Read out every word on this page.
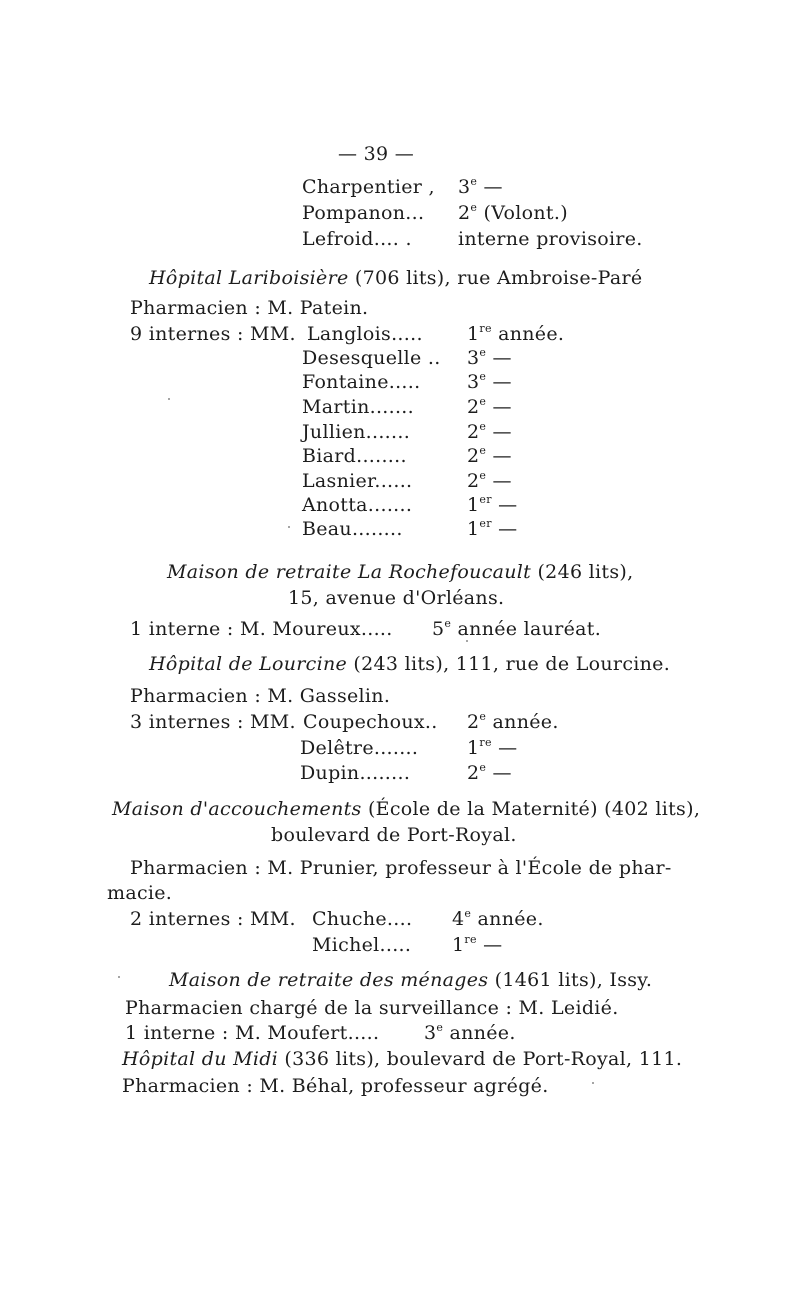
— 39 —
Charpentier , 3e —
Pompanon... 2e (Volont.)
Lefroid.... . interne provisoire.
Hôpital Lariboisière (706 lits), rue Ambroise-Paré
Pharmacien : M. Patein.
9 internes : MM. Langlois..... 1re année.
Desesquelle .. 3e —
Fontaine..... 3e —
Martin.......	2e —
Jullien.......	2e —
Biard........	2e —
Lasnier......	2e —
Anotta.......	1er —
Beau........	1er —
Maison de retraite La Rochefoucault (246 lits),
15, avenue d'Orléans.
1 interne : M. Moureux..... 5e année lauréat.
Hôpital de Lourcine (243 lits), 111, rue de Lourcine.
Pharmacien : M. Gasselin.
3 internes : MM. Coupechoux.. 2e année.
Delêtre.......	1re —
Dupin........	2e —
Maison d'accouchements (École de la Maternité) (402 lits),
boulevard de Port-Royal.
Pharmacien : M. Prunier, professeur à l'École de phar-
macie.
2 internes : MM. Chuche.... 4e année.
Michel..... 1re —
Maison de retraite des ménages (1461 lits), Issy.
Pharmacien chargé de la surveillance : M. Leidié.
1 interne : M. Moufert..... 3e année.
Hôpital du Midi (336 lits), boulevard de Port-Royal, 111.
Pharmacien : M. Béhal, professeur agrégé.
